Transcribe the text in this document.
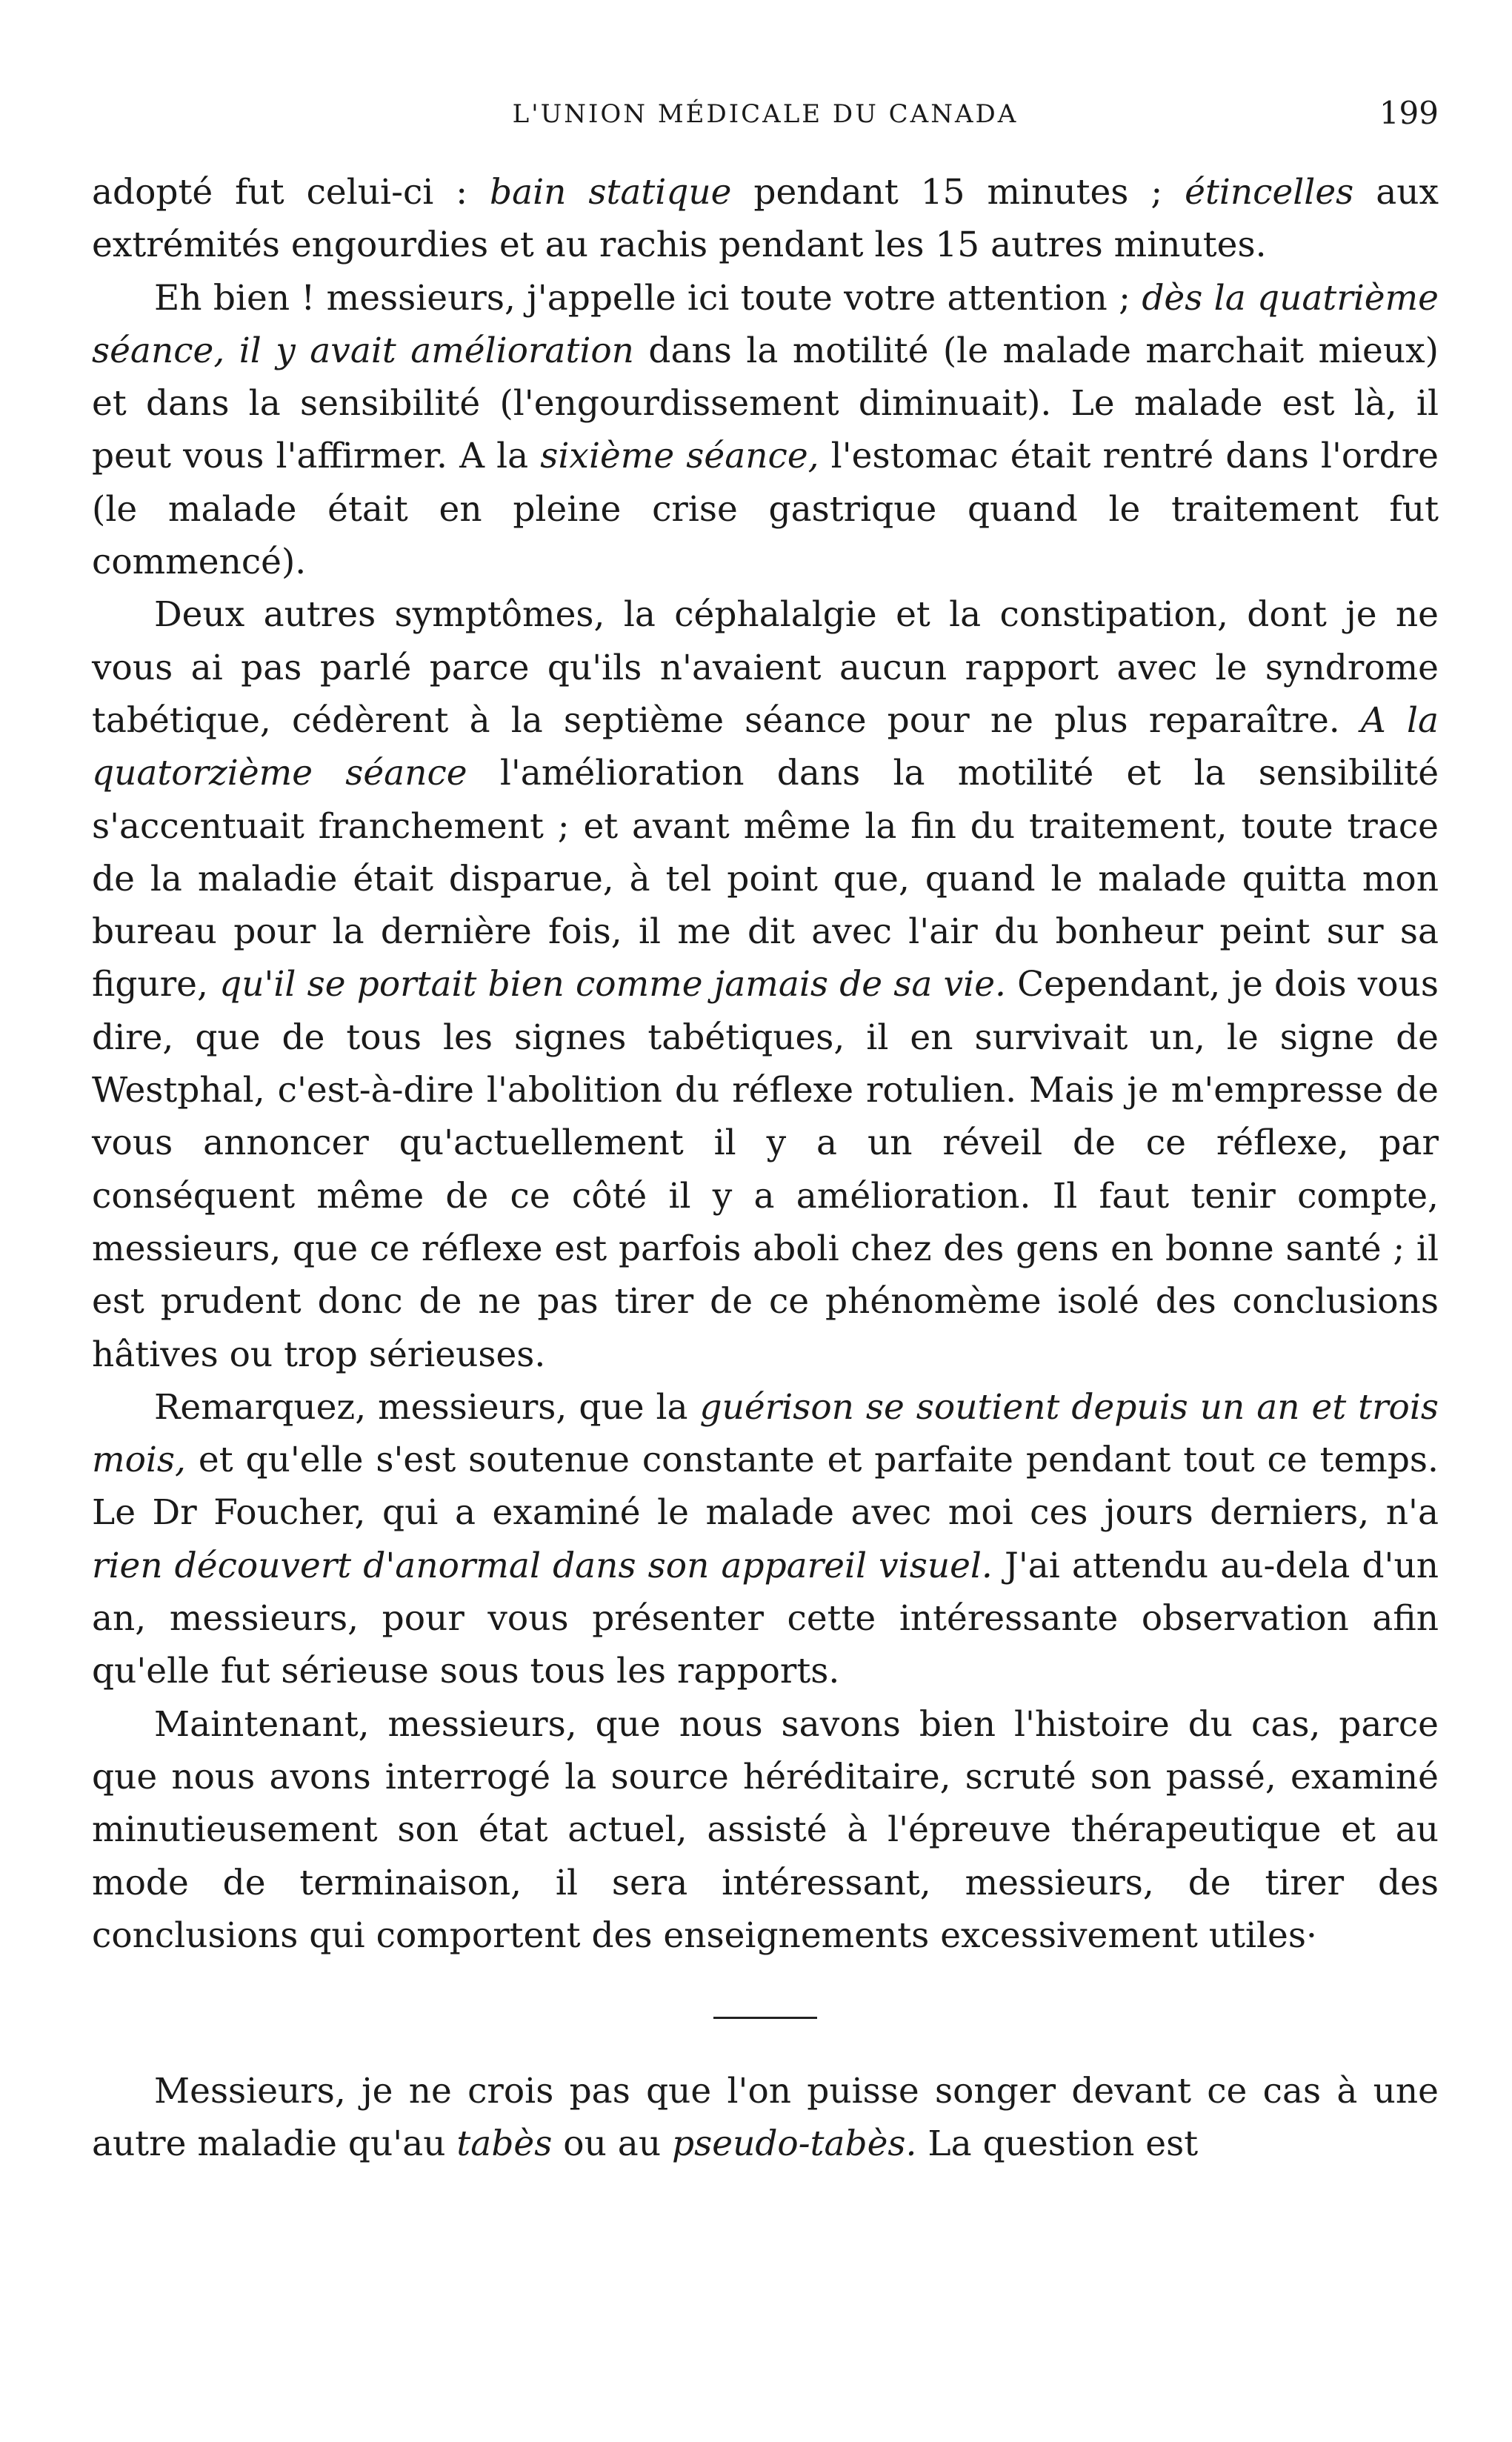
L'UNION MÉDICALE DU CANADA	199

adopté fut celui-ci : bain statique pendant 15 minutes ; étincelles aux extrémités engourdies et au rachis pendant les 15 autres minutes.

Eh bien ! messieurs, j'appelle ici toute votre attention ; dès la quatrième séance, il y avait amélioration dans la motilité (le malade marchait mieux) et dans la sensibilité (l'engourdissement diminuait). Le malade est là, il peut vous l'affirmer. A la sixième séance, l'estomac était rentré dans l'ordre (le malade était en pleine crise gastrique quand le traitement fut commencé).

Deux autres symptômes, la céphalalgie et la constipation, dont je ne vous ai pas parlé parce qu'ils n'avaient aucun rapport avec le syndrome tabétique, cédèrent à la septième séance pour ne plus reparaître. A la quatorzième séance l'amélioration dans la motilité et la sensibilité s'accentuait franchement ; et avant même la fin du traitement, toute trace de la maladie était disparue, à tel point que, quand le malade quitta mon bureau pour la dernière fois, il me dit avec l'air du bonheur peint sur sa figure, qu'il se portait bien comme jamais de sa vie. Cependant, je dois vous dire, que de tous les signes tabétiques, il en survivait un, le signe de Westphal, c'est-à-dire l'abolition du réflexe rotulien. Mais je m'empresse de vous annoncer qu'actuellement il y a un réveil de ce réflexe, par conséquent même de ce côté il y a amélioration. Il faut tenir compte, messieurs, que ce réflexe est parfois aboli chez des gens en bonne santé ; il est prudent donc de ne pas tirer de ce phénomème isolé des conclusions hâtives ou trop sérieuses.

Remarquez, messieurs, que la guérison se soutient depuis un an et trois mois, et qu'elle s'est soutenue constante et parfaite pendant tout ce temps. Le Dr Foucher, qui a examiné le malade avec moi ces jours derniers, n'a rien découvert d'anormal dans son appareil visuel. J'ai attendu au-dela d'un an, messieurs, pour vous présenter cette intéressante observation afin qu'elle fut sérieuse sous tous les rapports.

Maintenant, messieurs, que nous savons bien l'histoire du cas, parce que nous avons interrogé la source héréditaire, scruté son passé, examiné minutieusement son état actuel, assisté à l'épreuve thérapeutique et au mode de terminaison, il sera intéressant, messieurs, de tirer des conclusions qui comportent des enseignements excessivement utiles·

Messieurs, je ne crois pas que l'on puisse songer devant ce cas à une autre maladie qu'au tabès ou au pseudo-tabès. La question est
